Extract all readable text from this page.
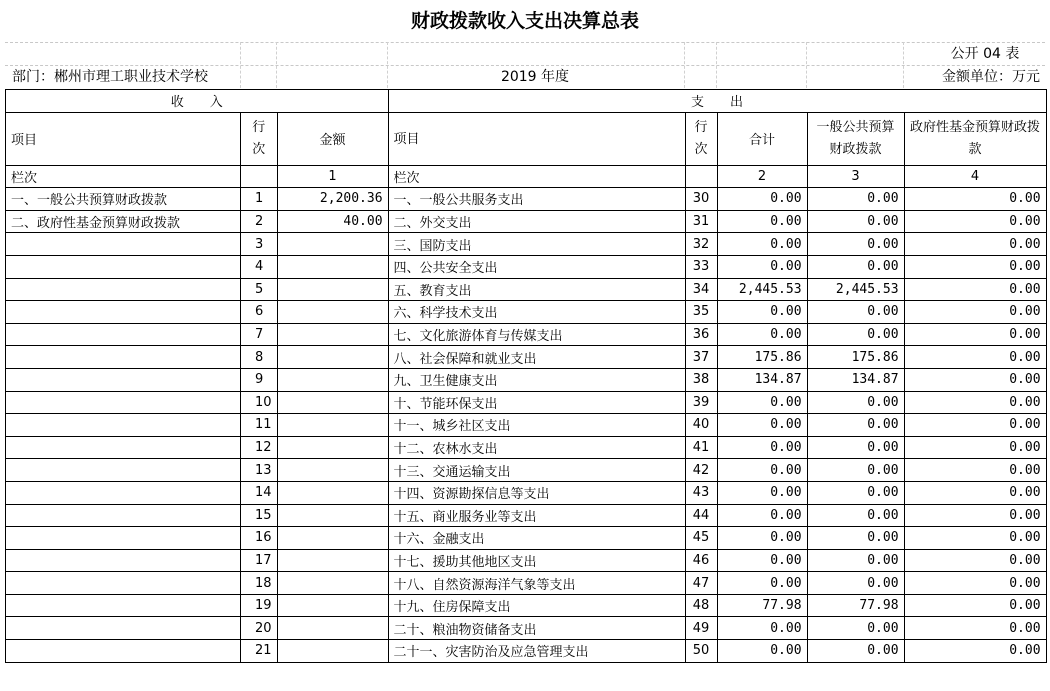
财政拨款收入支出决算总表
公开 04 表
部门：郴州市理工职业技术学校	2019 年度	金额单位：万元
收　　入			支　　出				
项目	行次	金额	项目	行次	合计	一般公共预算财政拨款	政府性基金预算财政拨款
栏次		1	栏次		2	3	4
一、一般公共预算财政拨款	1	2,200.36	一、一般公共服务支出	30	0.00	0.00	0.00
二、政府性基金预算财政拨款	2	40.00	二、外交支出	31	0.00	0.00	0.00
	3		三、国防支出	32	0.00	0.00	0.00
	4		四、公共安全支出	33	0.00	0.00	0.00
	5		五、教育支出	34	2,445.53	2,445.53	0.00
	6		六、科学技术支出	35	0.00	0.00	0.00
	7		七、文化旅游体育与传媒支出	36	0.00	0.00	0.00
	8		八、社会保障和就业支出	37	175.86	175.86	0.00
	9		九、卫生健康支出	38	134.87	134.87	0.00
	10		十、节能环保支出	39	0.00	0.00	0.00
	11		十一、城乡社区支出	40	0.00	0.00	0.00
	12		十二、农林水支出	41	0.00	0.00	0.00
	13		十三、交通运输支出	42	0.00	0.00	0.00
	14		十四、资源勘探信息等支出	43	0.00	0.00	0.00
	15		十五、商业服务业等支出	44	0.00	0.00	0.00
	16		十六、金融支出	45	0.00	0.00	0.00
	17		十七、援助其他地区支出	46	0.00	0.00	0.00
	18		十八、自然资源海洋气象等支出	47	0.00	0.00	0.00
	19		十九、住房保障支出	48	77.98	77.98	0.00
	20		二十、粮油物资储备支出	49	0.00	0.00	0.00
	21		二十一、灾害防治及应急管理支出	50	0.00	0.00	0.00
